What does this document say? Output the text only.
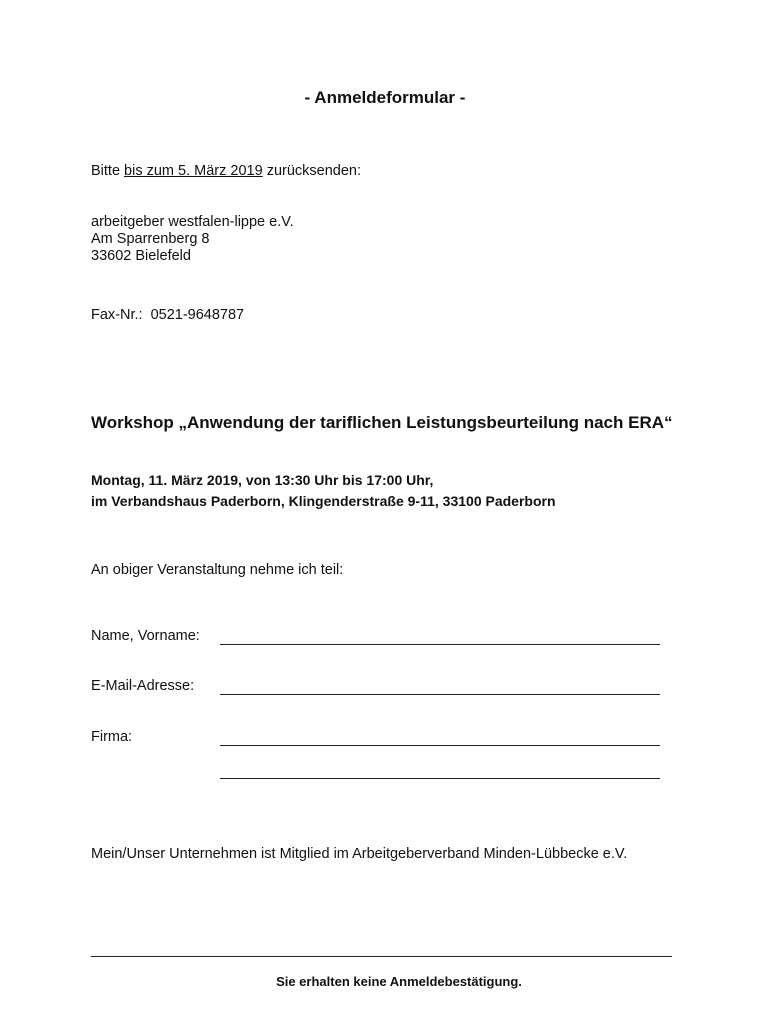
- Anmeldeformular -

Bitte bis zum 5. März 2019 zurücksenden:

arbeitgeber westfalen-lippe e.V.
Am Sparrenberg 8
33602 Bielefeld

Fax-Nr.: 0521-9648787

Workshop „Anwendung der tariflichen Leistungsbeurteilung nach ERA“
Montag, 11. März 2019, von 13:30 Uhr bis 17:00 Uhr,
im Verbandshaus Paderborn, Klingenderstraße 9-11, 33100 Paderborn

An obiger Veranstaltung nehme ich teil:

Name, Vorname:
E-Mail-Adresse:
Firma:

Mein/Unser Unternehmen ist Mitglied im Arbeitgeberverband Minden-Lübbecke e.V.

Sie erhalten keine Anmeldebestätigung.
